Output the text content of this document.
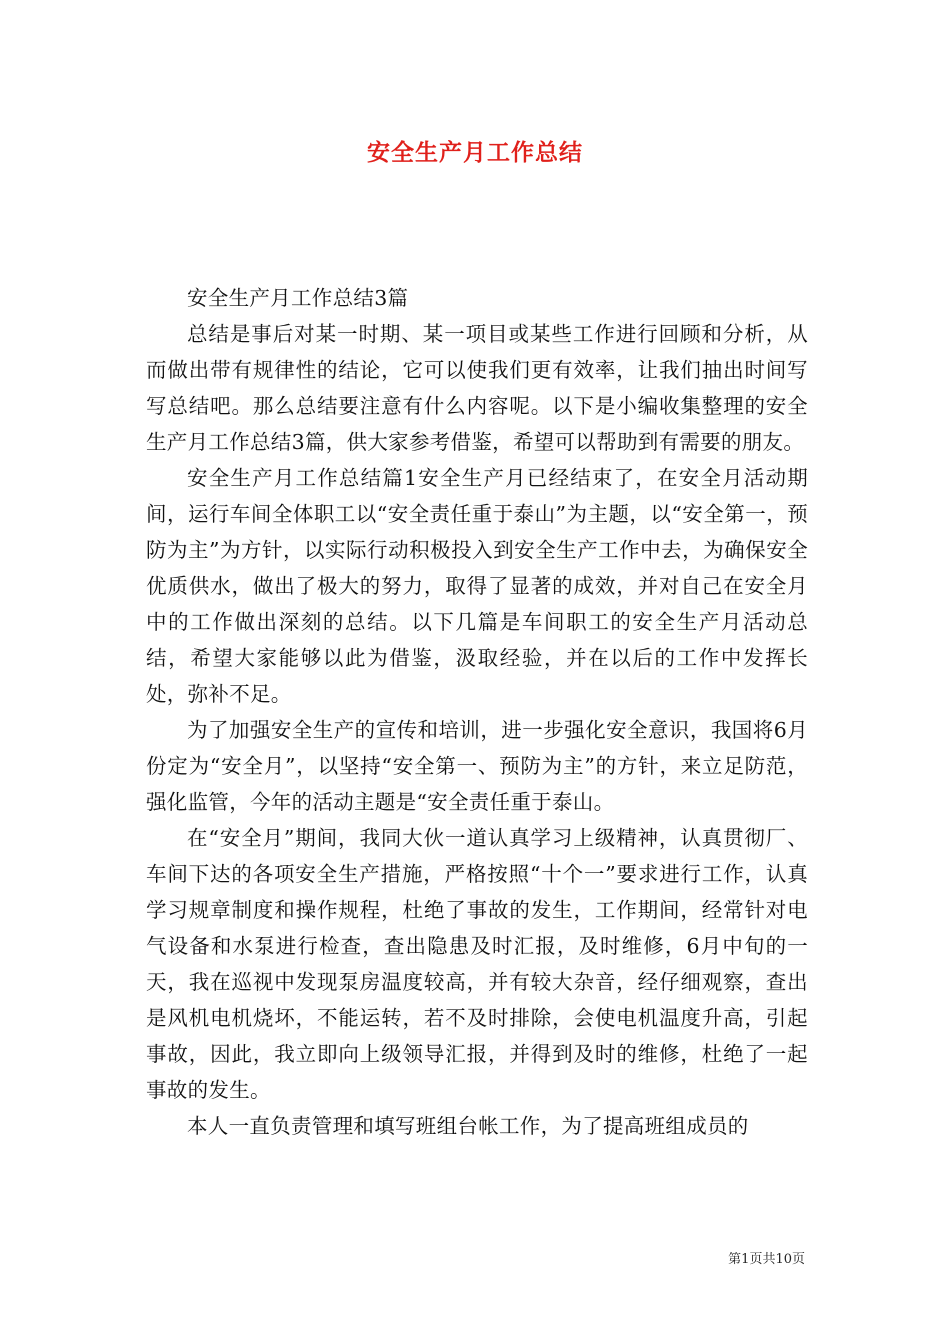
安全生产月工作总结

安全生产月工作总结3篇

总结是事后对某一时期、某一项目或某些工作进行回顾和分析，从而做出带有规律性的结论，它可以使我们更有效率，让我们抽出时间写写总结吧。那么总结要注意有什么内容呢。以下是小编收集整理的安全生产月工作总结3篇，供大家参考借鉴，希望可以帮助到有需要的朋友。

安全生产月工作总结篇1安全生产月已经结束了，在安全月活动期间，运行车间全体职工以“安全责任重于泰山”为主题，以“安全第一，预防为主”为方针，以实际行动积极投入到安全生产工作中去，为确保安全优质供水，做出了极大的努力，取得了显著的成效，并对自己在安全月中的工作做出深刻的总结。以下几篇是车间职工的安全生产月活动总结，希望大家能够以此为借鉴，汲取经验，并在以后的工作中发挥长处，弥补不足。

为了加强安全生产的宣传和培训，进一步强化安全意识，我国将6月份定为“安全月”，以坚持“安全第一、预防为主”的方针，来立足防范，强化监管，今年的活动主题是“安全责任重于泰山。

在“安全月”期间，我同大伙一道认真学习上级精神，认真贯彻厂、车间下达的各项安全生产措施，严格按照“十个一”要求进行工作，认真学习规章制度和操作规程，杜绝了事故的发生，工作期间，经常针对电气设备和水泵进行检查，查出隐患及时汇报，及时维修，6月中旬的一天，我在巡视中发现泵房温度较高，并有较大杂音，经仔细观察，查出是风机电机烧坏，不能运转，若不及时排除，会使电机温度升高，引起事故，因此，我立即向上级领导汇报，并得到及时的维修，杜绝了一起事故的发生。

本人一直负责管理和填写班组台帐工作，为了提高班组成员的

第1页共10页
